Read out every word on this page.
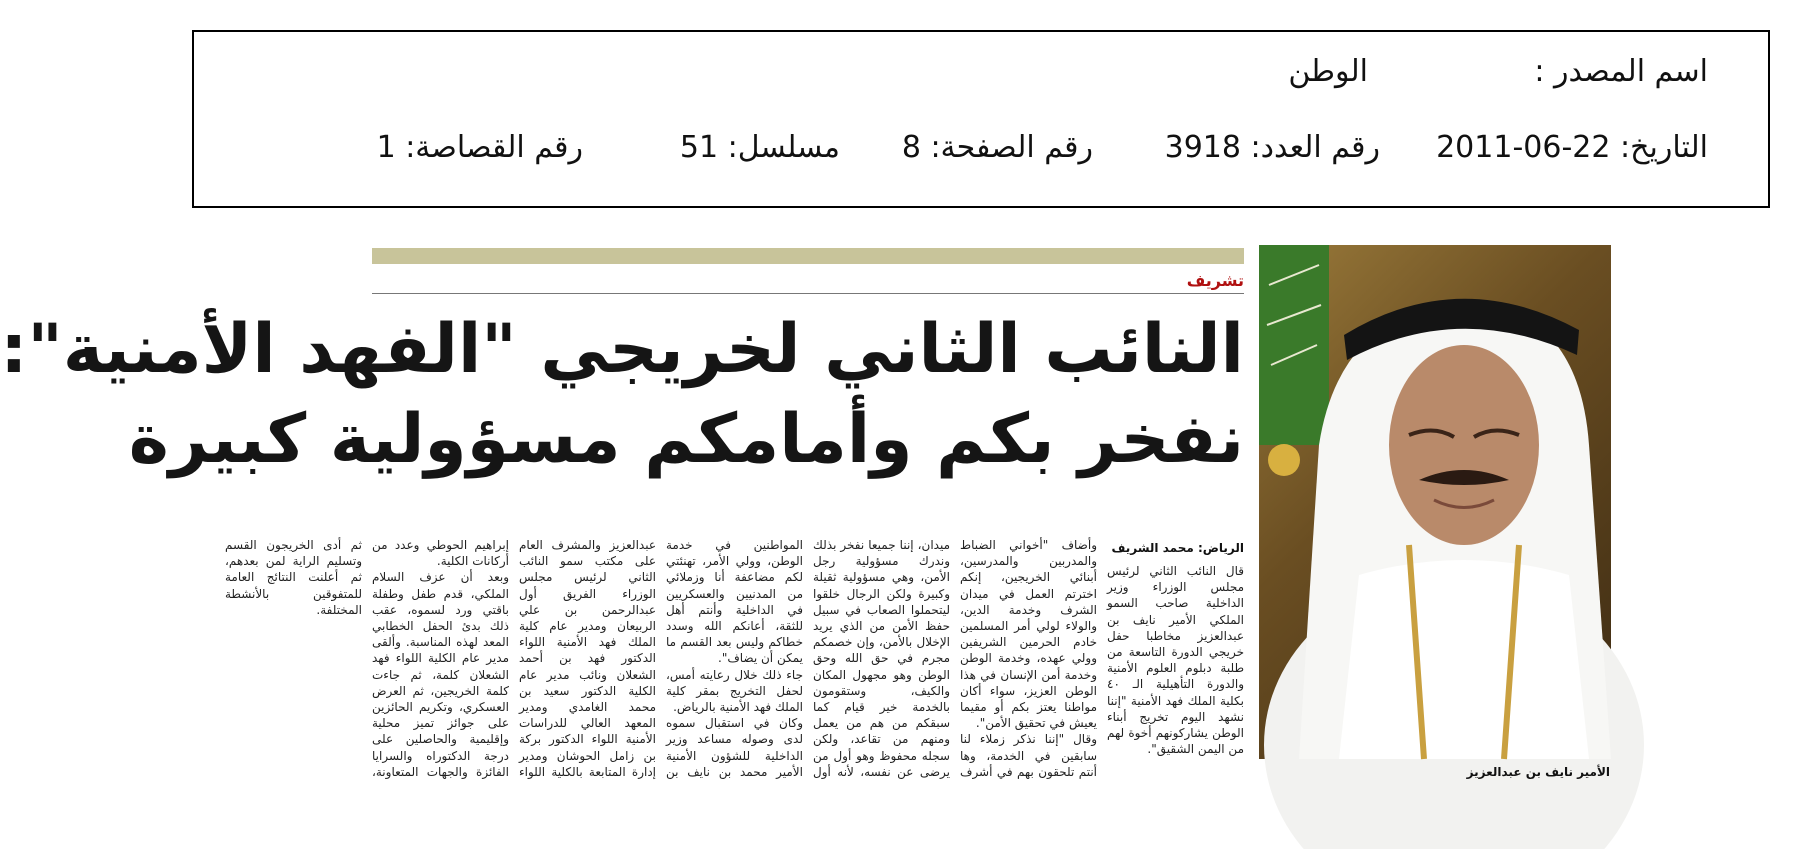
اسم المصدر :
الوطن
التاريخ: 22-06-2011
رقم العدد: 3918
رقم الصفحة: 8
مسلسل: 51
رقم القصاصة: 1
تشريف
النائب الثاني لخريجي "الفهد الأمنية":
نفخر بكم وأمامكم مسؤولية كبيرة

قال النائب الثاني لرئيس مجلس الوزراء وزير الداخلية صاحب السمو الملكي الأمير نايف بن عبدالعزيز مخاطبا حفل خريجي الدورة التاسعة من طلبة دبلوم العلوم الأمنية والدورة التأهيلية الـ ٤٠ بكلية الملك فهد الأمنية "إننا نشهد اليوم تخريج أبناء الوطن يشاركونهم أخوة لهم من اليمن الشقيق".

وأضاف "أخواني الضباط والمدربين والمدرسين، أبنائي الخريجين، إنكم اخترتم العمل في ميدان الشرف وخدمة الدين، والولاء لولي أمر المسلمين خادم الحرمين الشريفين وولي عهده، وخدمة الوطن وخدمة أمن الإنسان في هذا الوطن العزيز، سواء أكان مواطنا يعتز بكم أو مقيما يعيش في تحقيق الأمن".

وقال "إننا نذكر زملاء لنا سابقين في الخدمة، وها أنتم تلحقون بهم في أشرف ميدان، إننا جميعا نفخر بذلك وندرك مسؤولية رجل الأمن، وهي مسؤولية ثقيلة وكبيرة ولكن الرجال خلقوا ليتحملوا الصعاب في سبيل حفظ الأمن من الذي يريد الإخلال بالأمن، وإن خصمكم مجرم في حق الله وحق الوطن وهو مجهول المكان والكيف، وستقومون بالخدمة خير قيام كما سبقكم من هم من يعمل ومنهم من تقاعد، ولكن سجله محفوظ وهو أول من يرضى عن نفسه، لأنه أول المواطنين في خدمة الوطن، وولي الأمر، تهنئتي لكم مضاعفة أنا وزملائي من المدنيين والعسكريين في الداخلية وأنتم أهل للثقة، أعانكم الله وسدد خطاكم وليس بعد القسم ما يمكن أن يضاف".

جاء ذلك خلال رعايته أمس، لحفل التخريج بمقر كلية الملك فهد الأمنية بالرياض.

وكان في استقبال سموه لدى وصوله مساعد وزير الداخلية للشؤون الأمنية الأمير محمد بن نايف بن عبدالعزيز والمشرف العام على مكتب سمو النائب الثاني لرئيس مجلس الوزراء الفريق أول عبدالرحمن بن علي الربيعان ومدير عام كلية الملك فهد الأمنية اللواء الدكتور فهد بن أحمد الشعلان ونائب مدير عام الكلية الدكتور سعيد بن محمد الغامدي ومدير المعهد العالي للدراسات الأمنية اللواء الدكتور بركة بن زامل الحوشان ومدير إدارة المتابعة بالكلية اللواء إبراهيم الحوطي وعدد من أركانات الكلية.

وبعد أن عزف السلام الملكي، قدم طفل وطفلة باقتي ورد لسموه، عقب ذلك بدئ الحفل الخطابي المعد لهذه المناسبة. وألقى مدير عام الكلية اللواء فهد الشعلان كلمة، ثم جاءت كلمة الخريجين، ثم العرض العسكري، وتكريم الحائزين على جوائز تميز محلية وإقليمية والحاصلين على درجة الدكتوراه والسرايا الفائزة والجهات المتعاونة، ثم أدى الخريجون القسم وتسليم الراية لمن بعدهم، ثم أعلنت النتائج العامة للمتفوقين بالأنشطة المختلفة.

الرياض: محمد الشريف
الأمير نايف بن عبدالعزيز
